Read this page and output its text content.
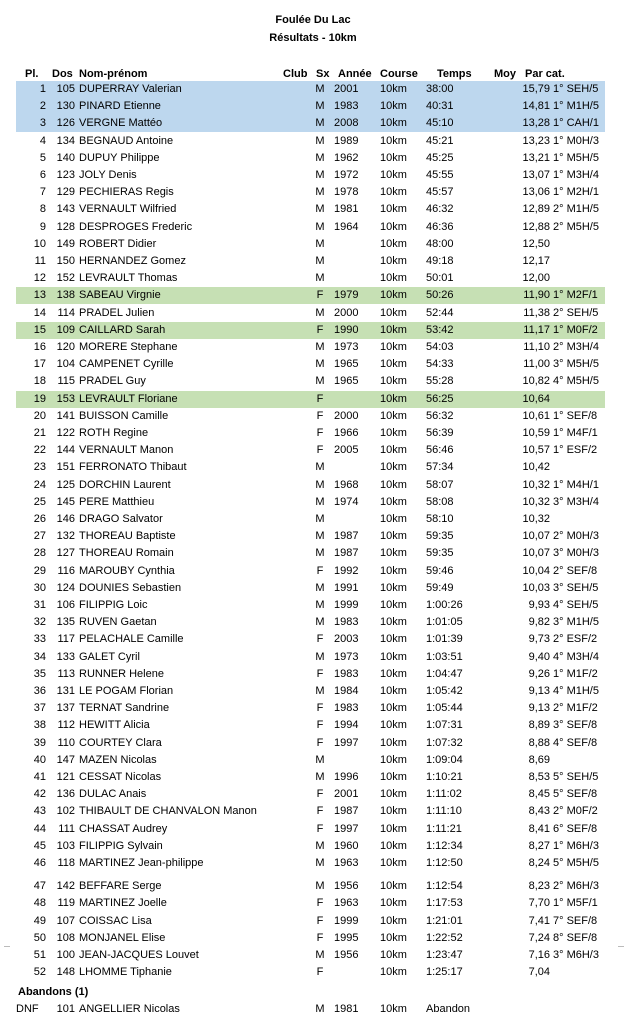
Foulée Du Lac
Résultats - 10km
Pl. Dos Nom-prénom	Club Sx Année Course Temps Moy Par cat.
1 105 DUPERRAY Valerian	M 2001 10km 38:00	15,79 1° SEH/5
2 130 PINARD Etienne	M 1983 10km 40:31	14,81 1° M1H/5
3 126 VERGNE Mattéo	M 2008 10km 45:10	13,28 1° CAH/1
4 134 BEGNAUD Antoine	M 1989 10km 45:21	13,23 1° M0H/3
5 140 DUPUY Philippe	M 1962 10km 45:25	13,21 1° M5H/5
6 123 JOLY Denis	M 1972 10km 45:55	13,07 1° M3H/4
7 129 PECHIERAS Regis	M 1978 10km 45:57	13,06 1° M2H/1
8 143 VERNAULT Wilfried	M 1981 10km 46:32	12,89 2° M1H/5
9 128 DESPROGES Frederic	M 1964 10km 46:36	12,88 2° M5H/5
10 149 ROBERT Didier	M	10km 48:00	12,50
11 150 HERNANDEZ Gomez	M	10km 49:18	12,17
12 152 LEVRAULT Thomas	M	10km 50:01	12,00
13 138 SABEAU Virgnie	F 1979 10km 50:26	11,90 1° M2F/1
14	114 PRADEL Julien	M 2000 10km 52:44	11,38 2° SEH/5
15 109 CAILLARD Sarah	F 1990 10km 53:42	11,17 1° M0F/2
16 120 MORERE Stephane	M 1973 10km 54:03	11,10 2° M3H/4
17 104 CAMPENET Cyrille	M 1965 10km 54:33	11,00 3° M5H/5
18	115 PRADEL Guy	M 1965 10km 55:28	10,82 4° M5H/5
19 153 LEVRAULT Floriane	F	10km 56:25	10,64
20 141 BUISSON Camille	F 2000 10km 56:32	10,61 1° SEF/8
21 122 ROTH Regine	F 1966 10km 56:39	10,59 1° M4F/1
22 144 VERNAULT Manon	F 2005 10km 56:46	10,57 1° ESF/2
23 151 FERRONATO Thibaut	M	10km 57:34	10,42
24 125 DORCHIN Laurent	M 1968 10km 58:07	10,32 1° M4H/1
25 145 PERE Matthieu	M 1974 10km 58:08	10,32 3° M3H/4
26 146 DRAGO Salvator	M	10km 58:10	10,32
27 132 THOREAU Baptiste	M 1987 10km 59:35	10,07 2° M0H/3
28 127 THOREAU Romain	M 1987 10km 59:35	10,07 3° M0H/3
29	116 MAROUBY Cynthia	F 1992 10km 59:46	10,04 2° SEF/8
30 124 DOUNIES Sebastien	M 1991 10km 59:49	10,03 3° SEH/5
31 106 FILIPPIG Loic	M 1999 10km 1:00:26	9,93 4° SEH/5
32 135 RUVEN Gaetan	M 1983 10km 1:01:05	9,82 3° M1H/5
33	117 PELACHALE Camille	F 2003 10km 1:01:39	9,73 2° ESF/2
34 133 GALET Cyril	M 1973 10km 1:03:51	9,40 4° M3H/4
35	113 RUNNER Helene	F 1983 10km 1:04:47	9,26 1° M1F/2
36 131 LE POGAM Florian	M 1984 10km 1:05:42	9,13 4° M1H/5
37 137 TERNAT Sandrine	F 1983 10km 1:05:44	9,13 2° M1F/2
38	112 HEWITT Alicia	F 1994 10km 1:07:31	8,89 3° SEF/8
39	110 COURTEY Clara	F 1997 10km 1:07:32	8,88 4° SEF/8
40 147 MAZEN Nicolas	M	10km 1:09:04	8,69
41 121 CESSAT Nicolas	M 1996 10km 1:10:21	8,53 5° SEH/5
42 136 DULAC Anais	F 2001 10km 1:11:02	8,45 5° SEF/8
43 102 THIBAULT DE CHANVALON Manon	F 1987 10km 1:11:10	8,43 2° M0F/2
44	111 CHASSAT Audrey	F 1997 10km 1:11:21	8,41 6° SEF/8
45 103 FILIPPIG Sylvain	M 1960 10km 1:12:34	8,27 1° M6H/3
46	118 MARTINEZ Jean-philippe	M 1963 10km 1:12:50	8,24 5° M5H/5
47 142 BEFFARE Serge	M 1956 10km 1:12:54	8,23 2° M6H/3
48	119 MARTINEZ Joelle	F 1963 10km 1:17:53	7,70 1° M5F/1
49 107 COISSAC Lisa	F 1999 10km 1:21:01	7,41 7° SEF/8
50 108 MONJANEL Elise	F 1995 10km 1:22:52	7,24 8° SEF/8
51 100 JEAN-JACQUES Louvet	M 1956 10km 1:23:47	7,16 3° M6H/3
52 148 LHOMME Tiphanie	F	10km 1:25:17	7,04
Abandons (1)
DNF	101 ANGELLIER Nicolas	M 1981 10km Abandon
